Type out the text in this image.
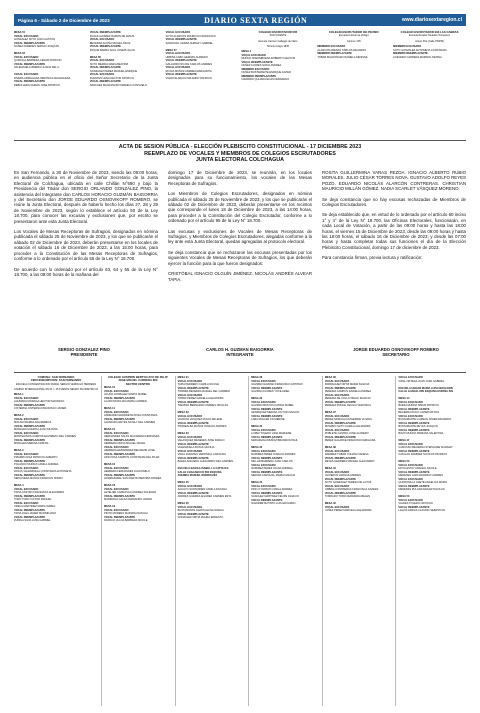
Página 6 - Sábado 2 de Diciembre de 2023	DIARIO SEXTA REGIÓN	www.diariosextaregion.cl
MESA 51
VOCAL EXCUSADO
GONZALEZ SOTO JUAN GASTON
VOCAL REEMPLAZANTE
NUÑEZ PAREDES SERGIO JOAQUIN

MESA 53
VOCAL EXCUSADO
QUIROGA BARRERA CESAR PATRICIO
VOCAL REEMPLAZANTE
VALENZUELA IBARRA LILIANA DEL C.

VOCAL EXCUSADO
RIVERA ARRIAGADA VERONICA MAGDALENA
VOCAL REEMPLAZANTE
REBOLLEDO FARIAS JOSE PATRICIO
VOCAL REEMPLAZANTE
ROJAS ALVAREZ RAMON DE JESUS
VOCAL EXCUSADO
BECERRA ACUÑA MICHEL NICOL
VOCAL REEMPLAZANTE
ROQUE BARRA SAUL JOSEPH ALAN

MESA 56
VOCAL EXCUSADO
SOTO MEDINA MARIA BEATRIZ
VOCAL REEMPLAZANTE
GONZALEZ PEREZ MANUEL ENRIQUE
VOCAL EXCUSADO
FUENTES LEIVA HECTOR PATRICIO
VOCAL REEMPLAZANTE
SANCHEZ MALDONADO MARIELA CONSUELO
VOCAL EXCUSADO
SOTO ALARCON MAURICIO FRANCISCO
VOCAL REEMPLAZANTE
SANDOVAL CERDA SHIRLEY GABRIEL

MESA 57
VOCAL EXCUSADO
URBINA CABO HERNAN ALFREDO
VOCAL REEMPLAZANTE
GALLARDO ROJAS CARLOS ANDRES
VOCAL EXCUSADO
ROJAS MUÑOZ ANDREA MARGARITA
VOCAL REEMPLAZANTE
VALDIVIA ARAYA ORLANDO PATRICIO
COLEGIO ESCRUTADOR 065
SAN VICENTE
Escuela Carmen Gallegos de Nieto
Honorio Araya 1845
MESA 1
VOCAL EXCUSADO
MUÑOZ NORAMBUENA ROBERTO HECTOR
VOCAL REEMPLAZANTE
NUÑEZ FLORES SOFIA ANDREA
MIEMBRO EXCUSADO
NUÑEZ BUSTAMANTE ENRIQUE JAVIER
MIEMBRO REEMPLAZANTE
NAVARRO QUIJADA ELIAS FERNANDO
COLEGIO ESCRUTADOR 091 PEUMO
Escuela Antonio de Zúñiga
Carmen 135
MIEMBRO EXCUSADO
ALARCON ARENAS CARLOS EDUARDO
MIEMBRO REEMPLAZANTE
TOBAR MALDONADO DANIELA DENISSE
COLEGIO ESCRUTADOR 093 LAS CABRAS
Escuela Rurales Hedelvio Tomasovic
Arturo Prat (Calle PSIPM)
MIEMBRO EXCUSADO
SOTO GONZALEZ ANTONIETA CONSTANZA
MIEMBRO REEMPLAZANTE
ACEVEDO CARRERA MARISOL DENISA
ACTA DE SESION PÚBLICA - ELECCIÓN PLEBISCITO CONSTITUCIONAL - 17 DICIEMBRE 2023
REEMPLAZO DE VOCALES Y MIEMBROS DE COLEGIOS ESCRUTADORES
JUNTA ELECTORAL COLCHAGUA

En San Fernando, a 30 de Noviembre de 2023, siendo las 09:00 horas, en audiencia pública en el oficio del Señor Secretario de la Junta Electoral de Colchagua, ubicada en calle Chillán N°690 y bajo la Presidencia del Titular don SERGIO ORLANDO GONZÁLEZ PINO, la asistencia del Integrante don CARLOS HORACIO GUZMÁN BAIGORRIA y del Secretario don JORGE EDUARDO OSNOVIKOFF ROMERO, se reúne la Junta Electoral, después de haberlo hecho los días 27, 28 y 29 de Noviembre de 2023, según lo establece el artículo 50 de la Ley 18.700, para conocer las excusas y exclusiones que, por escrito se presentaron ante esta Junta Electoral.

Los Vocales de Mesas Receptoras de Sufragios, designados en nómina publicada el sábado 25 de Noviembre de 2023, y los que se publicarán el sábado 02 de Diciembre de 2023, deberán presentarse en los locales de votación el sábado 16 de Diciembre de 2023, a las 15:00 horas, para proceder a la Constitución de las Mesas Receptoras de Sufragios, conforme a lo ordenado por el artículo 55 de la Ley N° 18.700.

De acuerdo con lo ordenado por el artículo 63, 64 y 65 de la Ley N° 18.700, a las 08:00 horas de la mañana del

domingo 17 de Diciembre de 2023, se reunirán, en los locales designados para su funcionamiento, los vocales de las Mesas Receptoras de Sufragios.

Los Miembros de Colegios Escrutadores, designados en nómina publicada el sábado 25 de Noviembre de 2023, y los que se publicarán el sábado 02 de Diciembre de 2023, deberán presentarse en los recintos que corresponde el lunes 18 de Diciembre de 2023, a las 14:00 horas, para proceder a la Constitución del Colegio Escrutador, conforme a lo ordenado por el artículo 95 de la Ley N° 18.700.

Las excusas y exclusiones de Vocales de Mesas Receptoras de Sufragios, y Miembros de Colegios Escrutadores, alegadas conforme a la ley ante esta Junta Electoral, quedan agregadas al protocolo electoral.

Se deja constancia que se rechazaron las excusas presentadas por los siguientes Vocales de Mesas Receptoras de Sufragios, los que deberán ejercer la función para la que fueron designados:

CRISTÓBAL IGNACIO OLGUÍN JIMÉNEZ. NICOLÁS ANDRÉS ALVEAR TAPIA.

ROSITA GUILLERMINA VARAS PEZOA. IGNACIO ALBERTO RUBIO MORALES. JULIO CÉSAR TORRES NOVA. GUSTAVO ADOLFO REYES POZO. EDUARDO NICOLÁS ALARCÓN CONTRERAS. CHRISTIAN MAURICIO MILLÁN GÓMEZ. NADIA SCARLET VÁSQUEZ MORENO.

Se deja constancia que no hay excusas rechazadas de Miembros de Colegios Escrutadores.

Se deja establecido que, en virtud de lo ordenado por el artículo 60 inciso 1° y 4° de la Ley N° 18.700, las Oficinas Electorales, funcionarán, en cada Local de Votación, a partir de las 09:00 horas y hasta las 18:00 horas, el viernes 15 de Diciembre de 2023, desde las 09:00 horas y hasta las 18:00 horas, el sábado 16 de Diciembre de 2023, y desde las 07:00 horas y hasta completar todas sus funciones el día de la Elección Plebiscito Constitucional, domingo 17 de diciembre de 2023.

Para constancia firman, previa lectura y ratificación:

SERGIO GONZALEZ PINO
PRESIDENTE
CARLOS H. GUZMAN BAIGORRIA
INTEGRANTE
JORGE EDUARDO OSNOVIKOFF ROMERO
SECRETARIO
COMUNA: SAN FERNANDO
CIRCUNSCRIPCION: SAN FERNANDO
ESCUELA CONCENTRACION RURAL SERGIO VERDUGO HERRERA
CAMINO INTERNACIONAL RUTA I - 45 PUENTE NEGRO KILOMETRO 16
MESA 1
VOCAL EXCUSADO
AHUMADA MORAGA HECTOR MAURICIO
VOCAL REEMPLAZANTE
CISTERNA CISTERNA FRANCISCO JAVIER

MESA 2
VOCAL EXCUSADO
MOLINA IBARRA ANA REBECA
VOCAL REEMPLAZANTE
MORALES HUERTA LILIAN SILVANA
VOCAL EXCUSADO
MONTECINOS CAMPOS ELIZABETH DEL CARMEN
VOCAL REEMPLAZANTE
MORALES MEDINA CRISTAL

MESA 3
VOCAL EXCUSADO
PIZARRO DIAZ PATRICIO ALBERTO
VOCAL REEMPLAZANTE
POLANCO MUÑOZ CAMILA ANDREA
VOCAL EXCUSADO
ROJAS VALENZUELA CONSTANZA ANTONIETA
VOCAL REEMPLAZANTE
SEPULVEDA MUÑOZ FRANKLIN ISIDRO

MESA 4
VOCAL EXCUSADO
TAPIA CASTRO FRANCISCA ALEJANDRA
VOCAL REEMPLAZANTE
TORO TORO VICTOR MANUEL
VOCAL EXCUSADO
URZUA MARTINEZ MARIA ISABEL
VOCAL REEMPLAZANTE
TAPIA OLEA JAVIER MAXIMILIANO
VOCAL REEMPLAZANTE
ZUÑIGA SILVA LUNA GABRIEL
COLEGIO GUSPEPE BERTOLUCCI DE FELIP
JOSE MIGUEL CARRERA 860
SECTOR CENTRO
MESA 10
VOCAL EXCUSADO
ACUÑA GONZALEZ MARTA ISABEL
VOCAL REEMPLAZANTE
ALARCON ROJAS MARIA CARMEN

MESA 11
VOCAL EXCUSADO
ANDRADE NAVARRETE ROSA CONSTANZA
VOCAL REEMPLAZANTE
ALVARADO REYES NATALY DEL CARMEN

MESA 15
VOCAL EXCUSADO
HERNANDEZ SALAS MACARENA FERNANDA
VOCAL REEMPLAZANTE
HERRERA ARAYA MIGUEL ANGEL
VOCAL EXCUSADO
HERRERA HERNANDEZ BENJAMIN JOSE
VOCAL REEMPLAZANTE
HINOJOSA CAMPOS CONSTANZA DEL PILAR

MESA 16
VOCAL EXCUSADO
HERRERA FERNANDEZ JUAN PABLO
VOCAL REEMPLAZANTE
HORMAZABAL SAN MARTIN BEATRIZ ANDREA

MESA 18
VOCAL EXCUSADO
LETELIER CARRASCO ANDREA SOLEDAD
VOCAL REEMPLAZANTE
MADRIAGA GALAZ FERNANDO JAVIER

MESA 19
VOCAL EXCUSADO
PINTO MORENO MARIANA NATALIA
VOCAL REEMPLAZANTE
FRANCO ULLOA BARBARA NICOLE
MESA 21
VOCAL EXCUSADO
TAPIA PEDRERO CAMILA NICOLE
VOCAL REEMPLAZANTE
TORRES BECERRA RAFAEL DEL CARMEN
VOCAL EXCUSADO
TOBAR PEREZ DANIELA ALEJANDRA
VOCAL REEMPLAZANTE
TREVINO BERNARDO ANDRES NICOLAS

MESA 22
VOCAL EXCUSADO
VALDIVIA VASQUEZ ROCIO ARLENE
VOCAL REEMPLAZANTE
TORREALBA MUÑOZ IGNACIO ANDRES

MESA 23
VOCAL EXCUSADO
VELASQUEZ MENESES JOSE DANILO
VOCAL REEMPLAZANTE
VALENZUELA ROJAS CECILIA
VOCAL EXCUSADO
VIDAL FUENTES VERONICA CAROLINA
VOCAL REEMPLAZANTE
BAEZA ACEVEDO ALEJANDRO DEL CARMEN

ESCUELA BASICA ISABEL LA CATOLICA
CALLE CHACABUCO 660 ESQUINA
AVENIDA MANUEL RODRIGUEZ

MESA 25
VOCAL EXCUSADO
AGUAYO SANTANDER CAMILA ROXANA
VOCAL REEMPLAZANTE
ANDRES GUERRA ALVAREZ CARMEN ESTA

MESA 26
VOCAL EXCUSADO
BUSTAMANTE GARCIA ELISA NOELIA
VOCAL REEMPLAZANTE
GONZALEZ ORTIZ MAURA ERNESTO
MESA 28
VOCAL EXCUSADO
GUZMAN GUZMAN FRANCISCO ANTONIO
VOCAL REEMPLAZANTE
GUZMAN FLORES YOCE ARIEL

MESA 29
VOCAL EXCUSADO
GUZMAN BUSTOS KARINA ISABEL
VOCAL REEMPLAZANTE
HENRIQUEZ MEDINA VICTOR IGNACIO
VOCAL REEMPLAZANTE
LARA MOLLER KATHERINE

MESA 32
VOCAL EXCUSADO
LOPEZ TOLEDO LIDIA MARLENE
VOCAL REEMPLAZANTE
MADARIAGA MUÑOZ BRANDON PAUL

MESA 33
VOCAL EXCUSADO
RAMIREZ PEREZ IGNACIO ANDRES
VOCAL REEMPLAZANTE
MILLAR BARRERA JUAN CARLOS
VOCAL EXCUSADO
RAMIREZ PEREZ JUANA ANDREA
VOCAL REEMPLAZANTE
MEDINA CARVAJAL MARIA IGNACIA

MESA 34
VOCAL EXCUSADO
PINO OYARZUN CAMILA ANDREA
VOCAL REEMPLAZANTE
SANCHEZ MARTINEZ FELIPE IGNACIO
VOCAL REEMPLAZANTE
NAVARRETE PINTO LUIS EDUARDO
MESA 36
VOCAL EXCUSADO
PARRAGUEZ ORTIZ MARIA IGNACIA
VOCAL REEMPLAZANTE
PEREIRA CAMPOS DANIELA ANDREA
VOCAL EXCUSADO
PEREIRA DE COLLO DIEGO IGNACIO
VOCAL REEMPLAZANTE
PEREIRA PONCE CECILIA VERONICA

MESA 37
VOCAL EXCUSADO
PEREZ MORAGA KATHERINE VIVIANA
VOCAL REEMPLAZANTE
PIZARRO SOTO CAMILA ALEJANDRA
VOCAL EXCUSADO
POBLETE CASTRO JOSE ALFREDO
VOCAL REEMPLAZANTE
PEREZ GALARCE FRANCISCO EMILIANA

MESA 38
VOCAL EXCUSADO
RAMIREZ TOBAR YOHANA VANESA
VOCAL REEMPLAZANTE
REYES HERRERA MANUEL ALEJANDRO

MESA 40
VOCAL EXCUSADO
OLIVEROS VARGAS ANDRES
VOCAL REEMPLAZANTE
SOTO GONZALEZ TERESA DE LA PAZ
VOCAL EXCUSADO
URBINA CONTRERAS FRANCISCA JAVIERA
VOCAL REEMPLAZANTE
TORRADO TORO FERNANDA BELEN

MESA 42
VOCAL EXCUSADO
YAÑEZ PEREZ MARCELA ALEJANDRA
VOCAL EXCUSADO
VIDAL ORTEGA JUAN JUAN GABRIEL

ESCUELA HOGAR MARIA LUISA BOUCHON
CALLE GUADALUPE ESQUINA ESPAÑA S/N

MESA 44
VOCAL EXCUSADO
BAEZA MUÑOZ SIMON PATRICIO
VOCAL REEMPLAZANTE
BECERRA ROCO JAVIER MATIAS
VOCAL EXCUSADO
BUSTAMANTE GUZMAN JAVIER EDUARDO
VOCAL REEMPLAZANTE
BUSTAMANTE REYES JOAQUIN
VOCAL REEMPLAZANTE
BOZO MUÑOZ MARIANA VALENTINA

MESA 47
VOCAL EXCUSADO
CAMUSSO BECERRA STEPHANIE SCARLET
VOCAL REEMPLAZANTE
CATALAN RAMIREZ NICOLAS PATRICIO

MESA 50
VOCAL EXCUSADO
MOYA ESTAY ARACELI NICOLE
VOCAL REEMPLAZANTE
MENESES LARA RODRIGO ANDRES
VOCAL EXCUSADO
QUINTANILLA GAETE ANGELICA MARIA
VOCAL REEMPLAZANTE
MENESES PULGAR EDGAR NICOLAS

MESA 53
VOCAL EXCUSADO
VALDES TOLEDO CRISTIAN
VOCAL REEMPLAZANTE
LAGOS FARIAS CLAUDIO SEBASTIAN
